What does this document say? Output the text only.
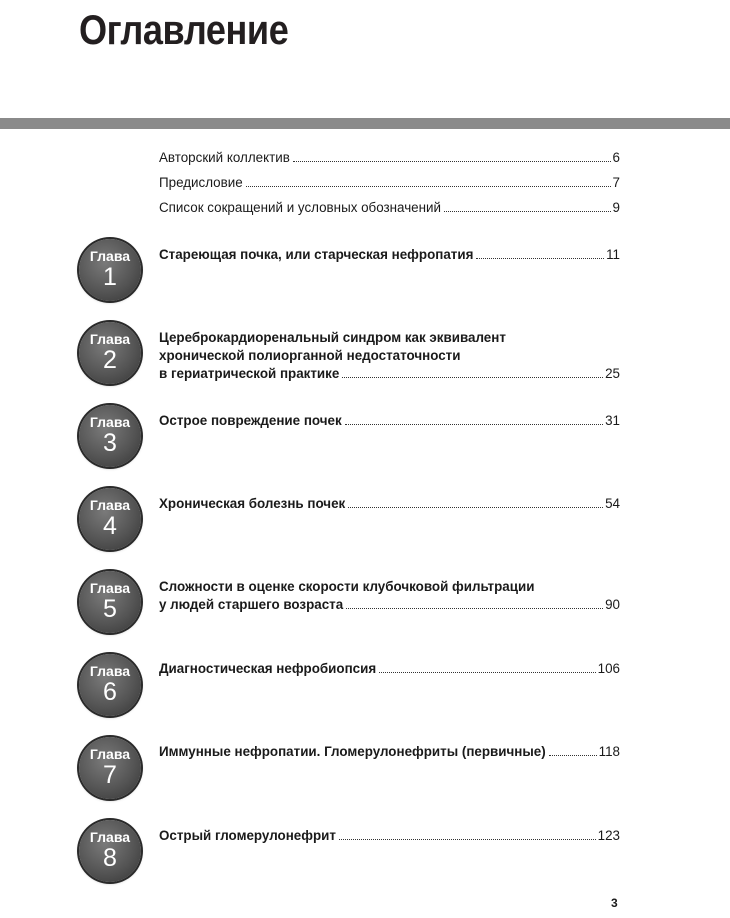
Оглавление
Авторский коллектив	6
Предисловие	7
Список сокращений и условных обозначений	9
Глава
1
Стареющая почка, или старческая нефропатия	11
Глава
2
Цереброкардиоренальный синдром как эквивалент
хронической полиорганной недостаточности
в гериатрической практике	25
Глава
3
Острое повреждение почек	31
Глава
4
Хроническая болезнь почек	54
Глава
5
Сложности в оценке скорости клубочковой фильтрации
у людей старшего возраста	90
Глава
6
Диагностическая нефробиопсия	106
Глава
7
Иммунные нефропатии. Гломерулонефриты (первичные)	118
Глава
8
Острый гломерулонефрит	123
3
